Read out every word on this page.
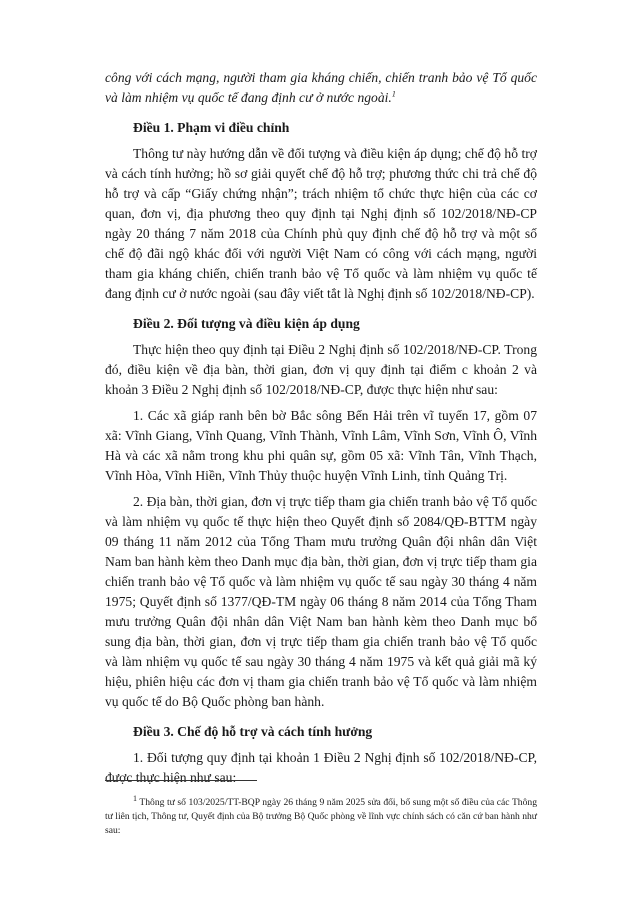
công với cách mạng, người tham gia kháng chiến, chiến tranh bảo vệ Tổ quốc và làm nhiệm vụ quốc tế đang định cư ở nước ngoài.$^1$

Điều 1. Phạm vi điều chỉnh

Thông tư này hướng dẫn về đối tượng và điều kiện áp dụng; chế độ hỗ trợ và cách tính hưởng; hồ sơ giải quyết chế độ hỗ trợ; phương thức chi trả chế độ hỗ trợ và cấp “Giấy chứng nhận”; trách nhiệm tổ chức thực hiện của các cơ quan, đơn vị, địa phương theo quy định tại Nghị định số 102/2018/NĐ-CP ngày 20 tháng 7 năm 2018 của Chính phủ quy định chế độ hỗ trợ và một số chế độ đãi ngộ khác đối với người Việt Nam có công với cách mạng, người tham gia kháng chiến, chiến tranh bảo vệ Tổ quốc và làm nhiệm vụ quốc tế đang định cư ở nước ngoài (sau đây viết tắt là Nghị định số 102/2018/NĐ-CP).

Điều 2. Đối tượng và điều kiện áp dụng

Thực hiện theo quy định tại Điều 2 Nghị định số 102/2018/NĐ-CP. Trong đó, điều kiện về địa bàn, thời gian, đơn vị quy định tại điểm c khoản 2 và khoản 3 Điều 2 Nghị định số 102/2018/NĐ-CP, được thực hiện như sau:

1. Các xã giáp ranh bên bờ Bắc sông Bến Hải trên vĩ tuyến 17, gồm 07 xã: Vĩnh Giang, Vĩnh Quang, Vĩnh Thành, Vĩnh Lâm, Vĩnh Sơn, Vĩnh Ô, Vĩnh Hà và các xã nằm trong khu phi quân sự, gồm 05 xã: Vĩnh Tân, Vĩnh Thạch, Vĩnh Hòa, Vĩnh Hiền, Vĩnh Thủy thuộc huyện Vĩnh Linh, tỉnh Quảng Trị.

2. Địa bàn, thời gian, đơn vị trực tiếp tham gia chiến tranh bảo vệ Tổ quốc và làm nhiệm vụ quốc tế thực hiện theo Quyết định số 2084/QĐ-BTTM ngày 09 tháng 11 năm 2012 của Tổng Tham mưu trưởng Quân đội nhân dân Việt Nam ban hành kèm theo Danh mục địa bàn, thời gian, đơn vị trực tiếp tham gia chiến tranh bảo vệ Tổ quốc và làm nhiệm vụ quốc tế sau ngày 30 tháng 4 năm 1975; Quyết định số 1377/QĐ-TM ngày 06 tháng 8 năm 2014 của Tổng Tham mưu trưởng Quân đội nhân dân Việt Nam ban hành kèm theo Danh mục bổ sung địa bàn, thời gian, đơn vị trực tiếp tham gia chiến tranh bảo vệ Tổ quốc và làm nhiệm vụ quốc tế sau ngày 30 tháng 4 năm 1975 và kết quả giải mã ký hiệu, phiên hiệu các đơn vị tham gia chiến tranh bảo vệ Tổ quốc và làm nhiệm vụ quốc tế do Bộ Quốc phòng ban hành.

Điều 3. Chế độ hỗ trợ và cách tính hưởng

1. Đối tượng quy định tại khoản 1 Điều 2 Nghị định số 102/2018/NĐ-CP, được thực hiện như sau:

$^1$ Thông tư số 103/2025/TT-BQP ngày 26 tháng 9 năm 2025 sửa đổi, bổ sung một số điều của các Thông tư liên tịch, Thông tư, Quyết định của Bộ trưởng Bộ Quốc phòng về lĩnh vực chính sách có căn cứ ban hành như sau:
